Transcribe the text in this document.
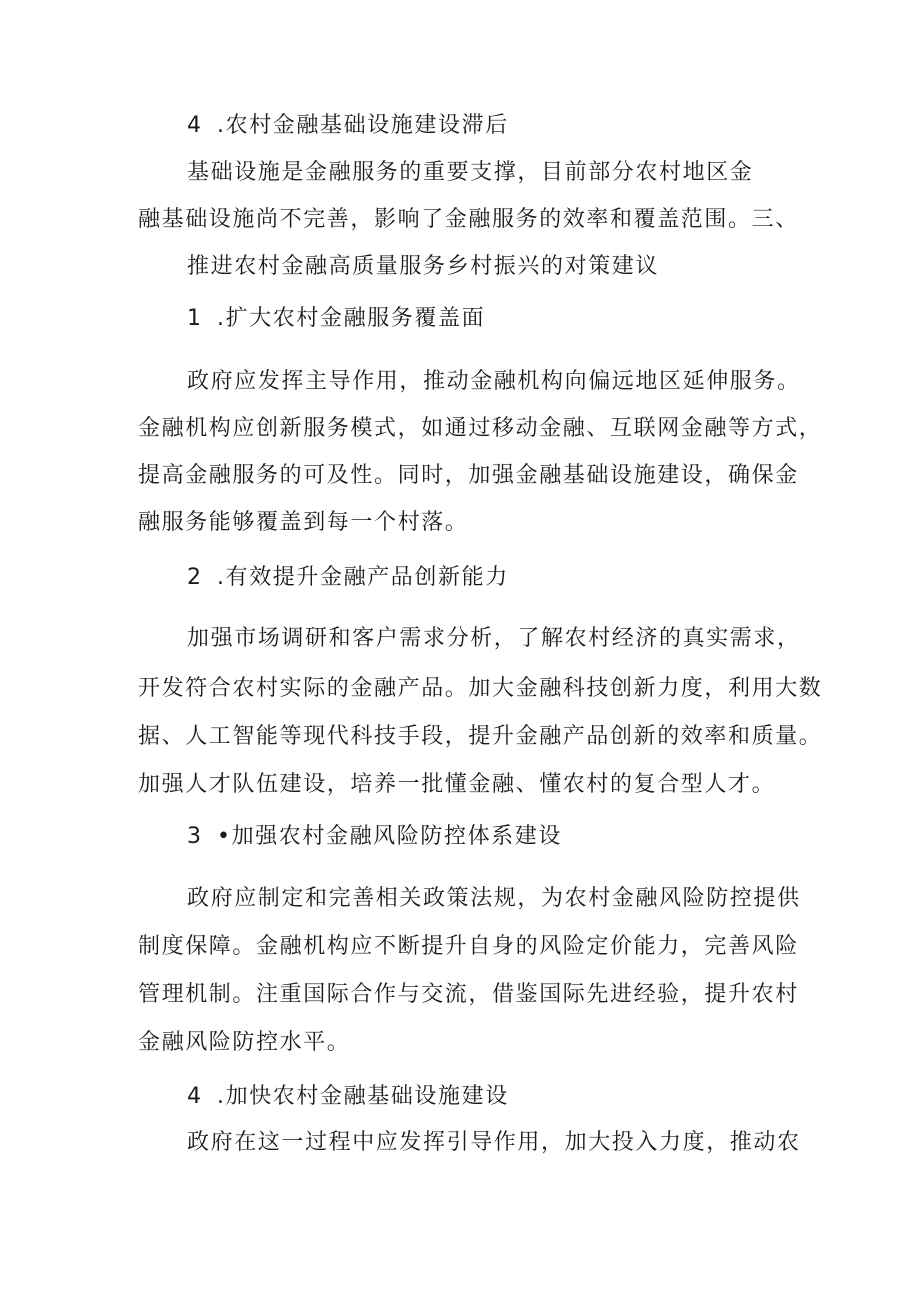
4 .农村金融基础设施建设滞后

基础设施是金融服务的重要支撑，目前部分农村地区金

融基础设施尚不完善，影响了金融服务的效率和覆盖范围。三、

推进农村金融高质量服务乡村振兴的对策建议

1 .扩大农村金融服务覆盖面

政府应发挥主导作用，推动金融机构向偏远地区延伸服务。

金融机构应创新服务模式，如通过移动金融、互联网金融等方式，

提高金融服务的可及性。同时，加强金融基础设施建设，确保金

融服务能够覆盖到每一个村落。

2 .有效提升金融产品创新能力

加强市场调研和客户需求分析，了解农村经济的真实需求，

开发符合农村实际的金融产品。加大金融科技创新力度，利用大数

据、人工智能等现代科技手段，提升金融产品创新的效率和质量。

加强人才队伍建设，培养一批懂金融、懂农村的复合型人才。

3 •加强农村金融风险防控体系建设

政府应制定和完善相关政策法规，为农村金融风险防控提供

制度保障。金融机构应不断提升自身的风险定价能力，完善风险

管理机制。注重国际合作与交流，借鉴国际先进经验，提升农村

金融风险防控水平。

4 .加快农村金融基础设施建设

政府在这一过程中应发挥引导作用，加大投入力度，推动农
